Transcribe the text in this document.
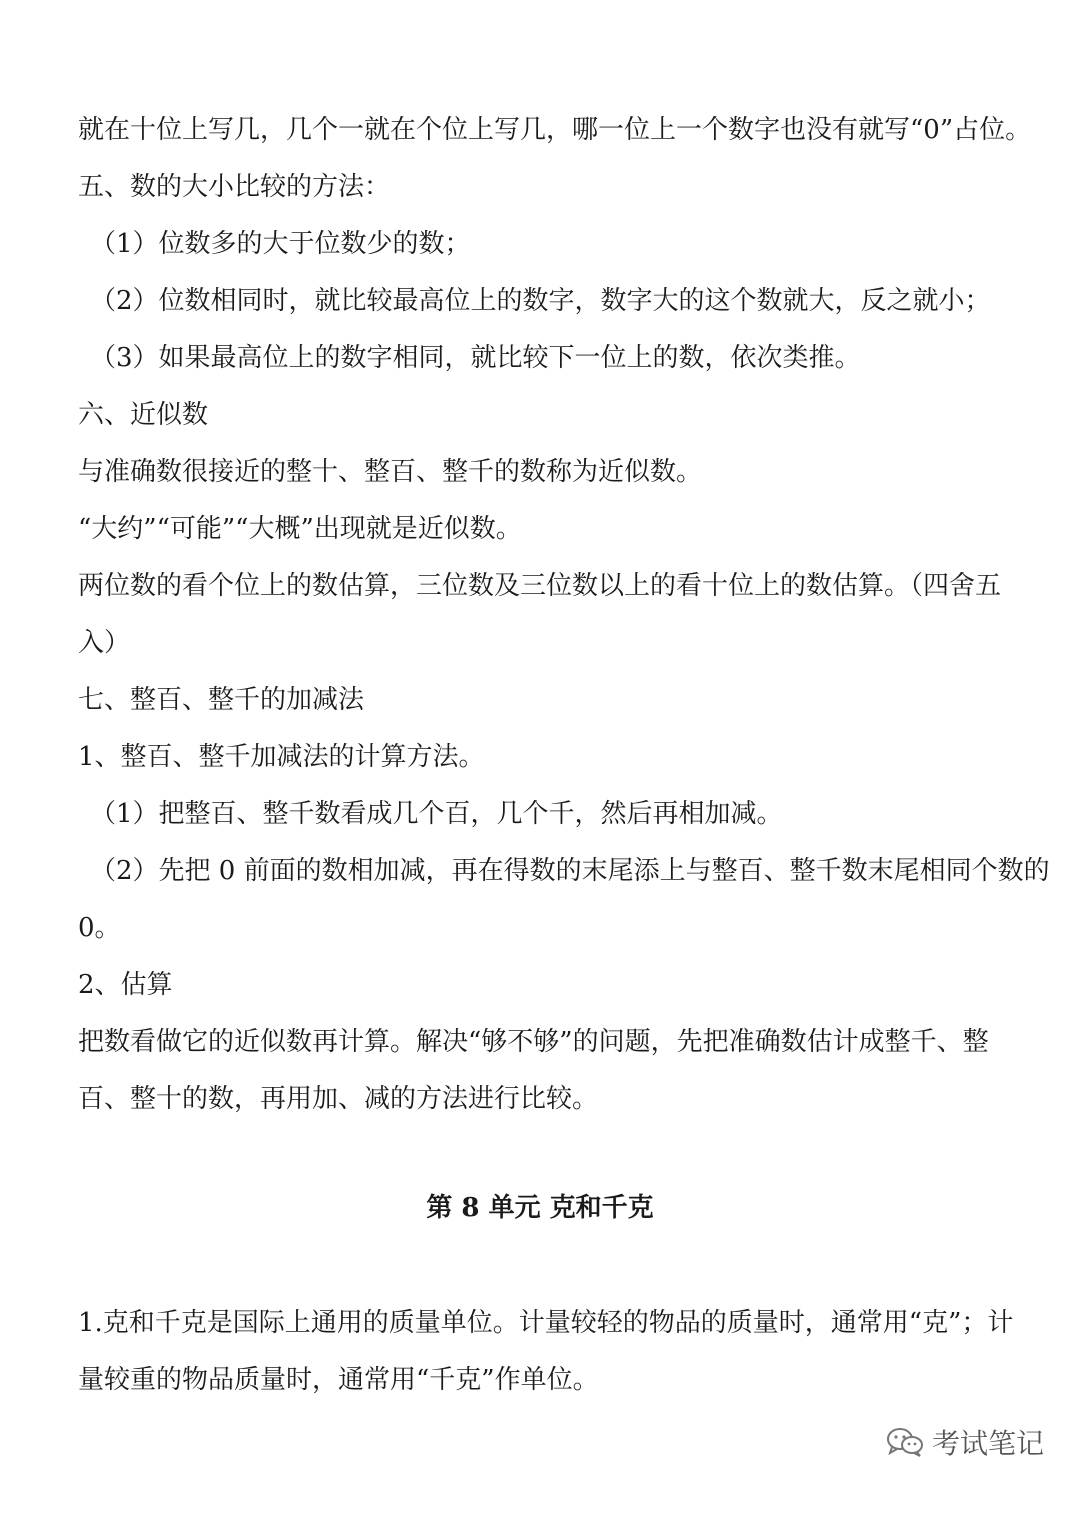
就在十位上写几，几个一就在个位上写几，哪一位上一个数字也没有就写“0”占位。
五、数的大小比较的方法：
（1）位数多的大于位数少的数；
（2）位数相同时，就比较最高位上的数字，数字大的这个数就大，反之就小；
（3）如果最高位上的数字相同，就比较下一位上的数，依次类推。
六、近似数
与准确数很接近的整十、整百、整千的数称为近似数。
“大约”“可能”“大概”出现就是近似数。
两位数的看个位上的数估算，三位数及三位数以上的看十位上的数估算。（四舍五
入）
七、整百、整千的加减法
1、整百、整千加减法的计算方法。
（1）把整百、整千数看成几个百，几个千，然后再相加减。
（2）先把 0 前面的数相加减，再在得数的末尾添上与整百、整千数末尾相同个数的
0。
2、估算
把数看做它的近似数再计算。解决“够不够”的问题，先把准确数估计成整千、整
百、整十的数，再用加、减的方法进行比较。
第 8 单元 克和千克
1.克和千克是国际上通用的质量单位。计量较轻的物品的质量时，通常用“克”；计
量较重的物品质量时，通常用“千克”作单位。
考试笔记
